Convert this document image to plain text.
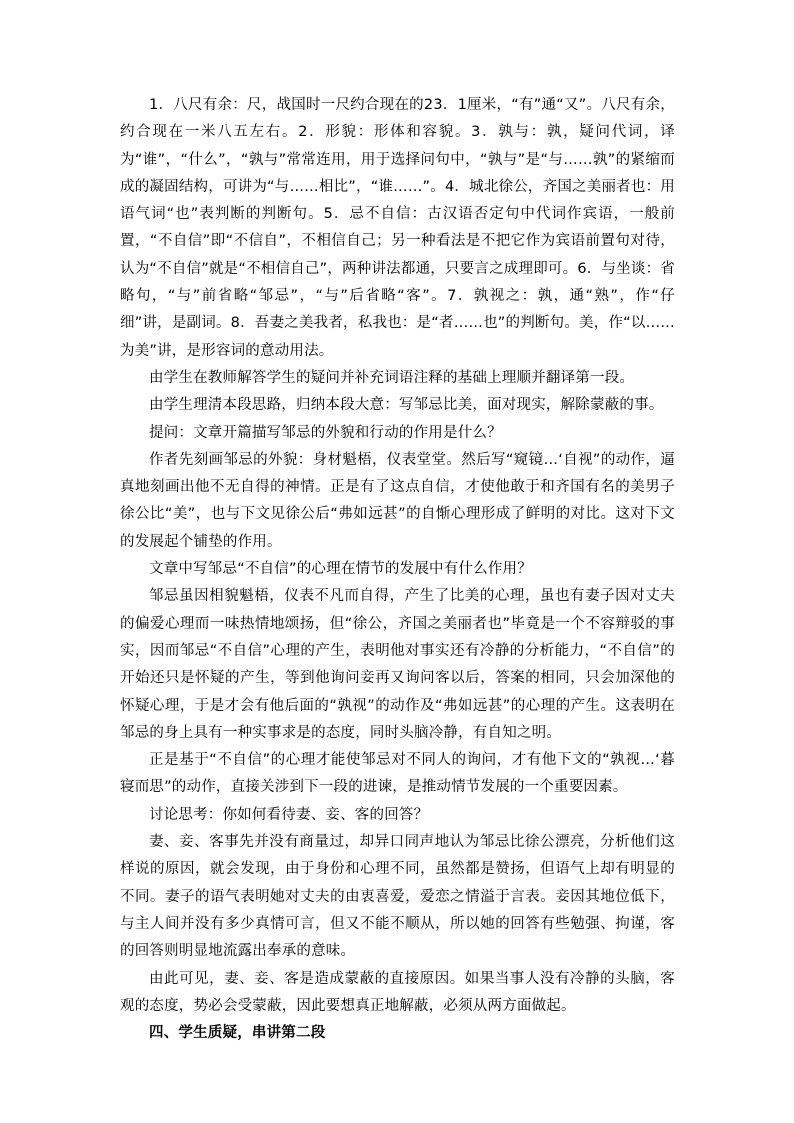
1．八尺有余：尺，战国时一尺约合现在的23．1厘米，“有”通“又”。八尺有余，约合现在一米八五左右。2．形貌：形体和容貌。3．孰与：孰，疑问代词，译为“谁”，“什么”，“孰与”常常连用，用于选择问句中，“孰与”是“与……孰”的紧缩而成的凝固结构，可讲为“与……相比”，“谁……”。4．城北徐公，齐国之美丽者也：用语气词“也”表判断的判断句。5．忌不自信：古汉语否定句中代词作宾语，一般前置，“不自信”即“不信自”，不相信自己；另一种看法是不把它作为宾语前置句对待，认为“不自信”就是“不相信自己”，两种讲法都通，只要言之成理即可。6．与坐谈：省略句，“与”前省略“邹忌”，“与”后省略“客”。7．孰视之：孰，通“熟”，作“仔细”讲，是副词。8．吾妻之美我者，私我也：是“者……也”的判断句。美，作“以……为美”讲，是形容词的意动用法。

由学生在教师解答学生的疑问并补充词语注释的基础上理顺并翻译第一段。

由学生理清本段思路，归纳本段大意：写邹忌比美，面对现实，解除蒙蔽的事。

提问：文章开篇描写邹忌的外貌和行动的作用是什么？

作者先刻画邹忌的外貌：身材魁梧，仪表堂堂。然后写“窥镜…‘自视”的动作，逼真地刻画出他不无自得的神情。正是有了这点自信，才使他敢于和齐国有名的美男子徐公比“美”，也与下文见徐公后“弗如远甚”的自惭心理形成了鲜明的对比。这对下文的发展起个铺垫的作用。

文章中写邹忌“不自信”的心理在情节的发展中有什么作用？

邹忌虽因相貌魁梧，仪表不凡而自得，产生了比美的心理，虽也有妻子因对丈夫的偏爱心理而一味热情地颂扬，但“徐公，齐国之美丽者也”毕竟是一个不容辩驳的事实，因而邹忌“不自信”心理的产生，表明他对事实还有冷静的分析能力，“不自信”的开始还只是怀疑的产生，等到他询问妾再又询问客以后，答案的相同，只会加深他的怀疑心理，于是才会有他后面的“孰视”的动作及“弗如远甚”的心理的产生。这表明在邹忌的身上具有一种实事求是的态度，同时头脑冷静，有自知之明。

正是基于“不自信”的心理才能使邹忌对不同人的询问，才有他下文的“孰视…‘暮寝而思”的动作，直接关涉到下一段的进谏，是推动情节发展的一个重要因素。

讨论思考：你如何看待妻、妾、客的回答？

妻、妾、客事先并没有商量过，却异口同声地认为邹忌比徐公漂亮，分析他们这样说的原因，就会发现，由于身份和心理不同，虽然都是赞扬，但语气上却有明显的不同。妻子的语气表明她对丈夫的由衷喜爱，爱恋之情溢于言表。妾因其地位低下，与主人间并没有多少真情可言，但又不能不顺从，所以她的回答有些勉强、拘谨，客的回答则明显地流露出奉承的意味。

由此可见，妻、妾、客是造成蒙蔽的直接原因。如果当事人没有冷静的头脑，客观的态度，势必会受蒙蔽，因此要想真正地解蔽，必须从两方面做起。

四、学生质疑，串讲第二段
